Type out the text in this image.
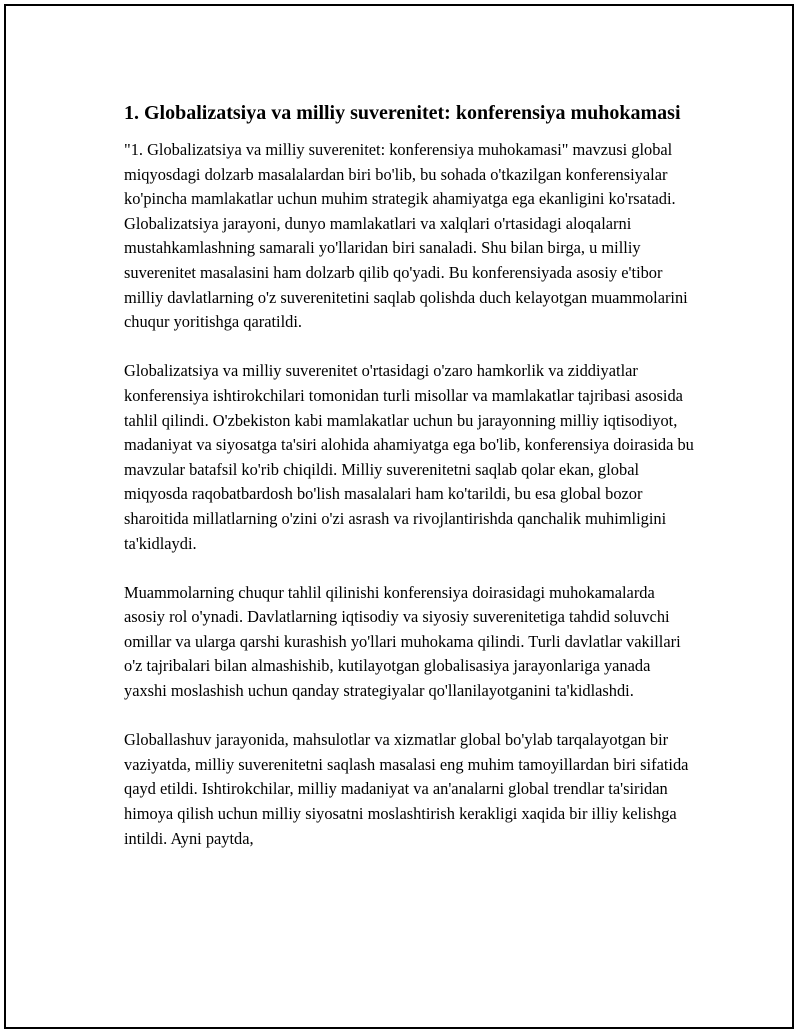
1. Globalizatsiya va milliy suverenitet: konferensiya muhokamasi

"1. Globalizatsiya va milliy suverenitet: konferensiya muhokamasi" mavzusi global miqyosdagi dolzarb masalalardan biri bo'lib, bu sohada o'tkazilgan konferensiyalar ko'pincha mamlakatlar uchun muhim strategik ahamiyatga ega ekanligini ko'rsatadi. Globalizatsiya jarayoni, dunyo mamlakatlari va xalqlari o'rtasidagi aloqalarni mustahkamlashning samarali yo'llaridan biri sanaladi. Shu bilan birga, u milliy suverenitet masalasini ham dolzarb qilib qo'yadi. Bu konferensiyada asosiy e'tibor milliy davlatlarning o'z suverenitetini saqlab qolishda duch kelayotgan muammolarini chuqur yoritishga qaratildi.

Globalizatsiya va milliy suverenitet o'rtasidagi o'zaro hamkorlik va ziddiyatlar konferensiya ishtirokchilari tomonidan turli misollar va mamlakatlar tajribasi asosida tahlil qilindi. O'zbekiston kabi mamlakatlar uchun bu jarayonning milliy iqtisodiyot, madaniyat va siyosatga ta'siri alohida ahamiyatga ega bo'lib, konferensiya doirasida bu mavzular batafsil ko'rib chiqildi. Milliy suverenitetni saqlab qolar ekan, global miqyosda raqobatbardosh bo'lish masalalari ham ko'tarildi, bu esa global bozor sharoitida millatlarning o'zini o'zi asrash va rivojlantirishda qanchalik muhimligini ta'kidlaydi.

Muammolarning chuqur tahlil qilinishi konferensiya doirasidagi muhokamalarda asosiy rol o'ynadi. Davlatlarning iqtisodiy va siyosiy suverenitetiga tahdid soluvchi omillar va ularga qarshi kurashish yo'llari muhokama qilindi. Turli davlatlar vakillari o'z tajribalari bilan almashishib, kutilayotgan globalisasiya jarayonlariga yanada yaxshi moslashish uchun qanday strategiyalar qo'llanilayotganini ta'kidlashdi.

Globallashuv jarayonida, mahsulotlar va xizmatlar global bo'ylab tarqalayotgan bir vaziyatda, milliy suverenitetni saqlash masalasi eng muhim tamoyillardan biri sifatida qayd etildi. Ishtirokchilar, milliy madaniyat va an'analarni global trendlar ta'siridan himoya qilish uchun milliy siyosatni moslashtirish kerakligi xaqida bir illiy kelishga intildi. Ayni paytda,
